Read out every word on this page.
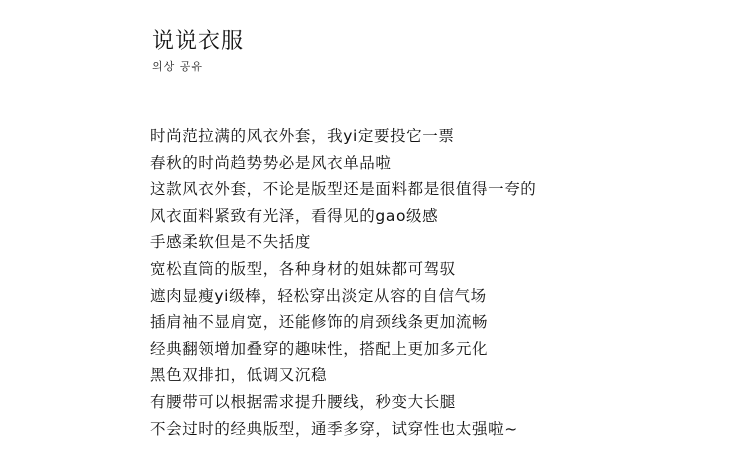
说说衣服
의상 공유
时尚范拉满的风衣外套，我yi定要投它一票
春秋的时尚趋势势必是风衣单品啦
这款风衣外套，不论是版型还是面料都是很值得一夸的
风衣面料紧致有光泽，看得见的gao级感
手感柔软但是不失括度
宽松直筒的版型，各种身材的姐妹都可驾驭
遮肉显瘦yi级棒，轻松穿出淡定从容的自信气场
插肩袖不显肩宽，还能修饰的肩颈线条更加流畅
经典翻领增加叠穿的趣味性，搭配上更加多元化
黑色双排扣，低调又沉稳
有腰带可以根据需求提升腰线，秒变大长腿
不会过时的经典版型，通季多穿，试穿性也太强啦~
